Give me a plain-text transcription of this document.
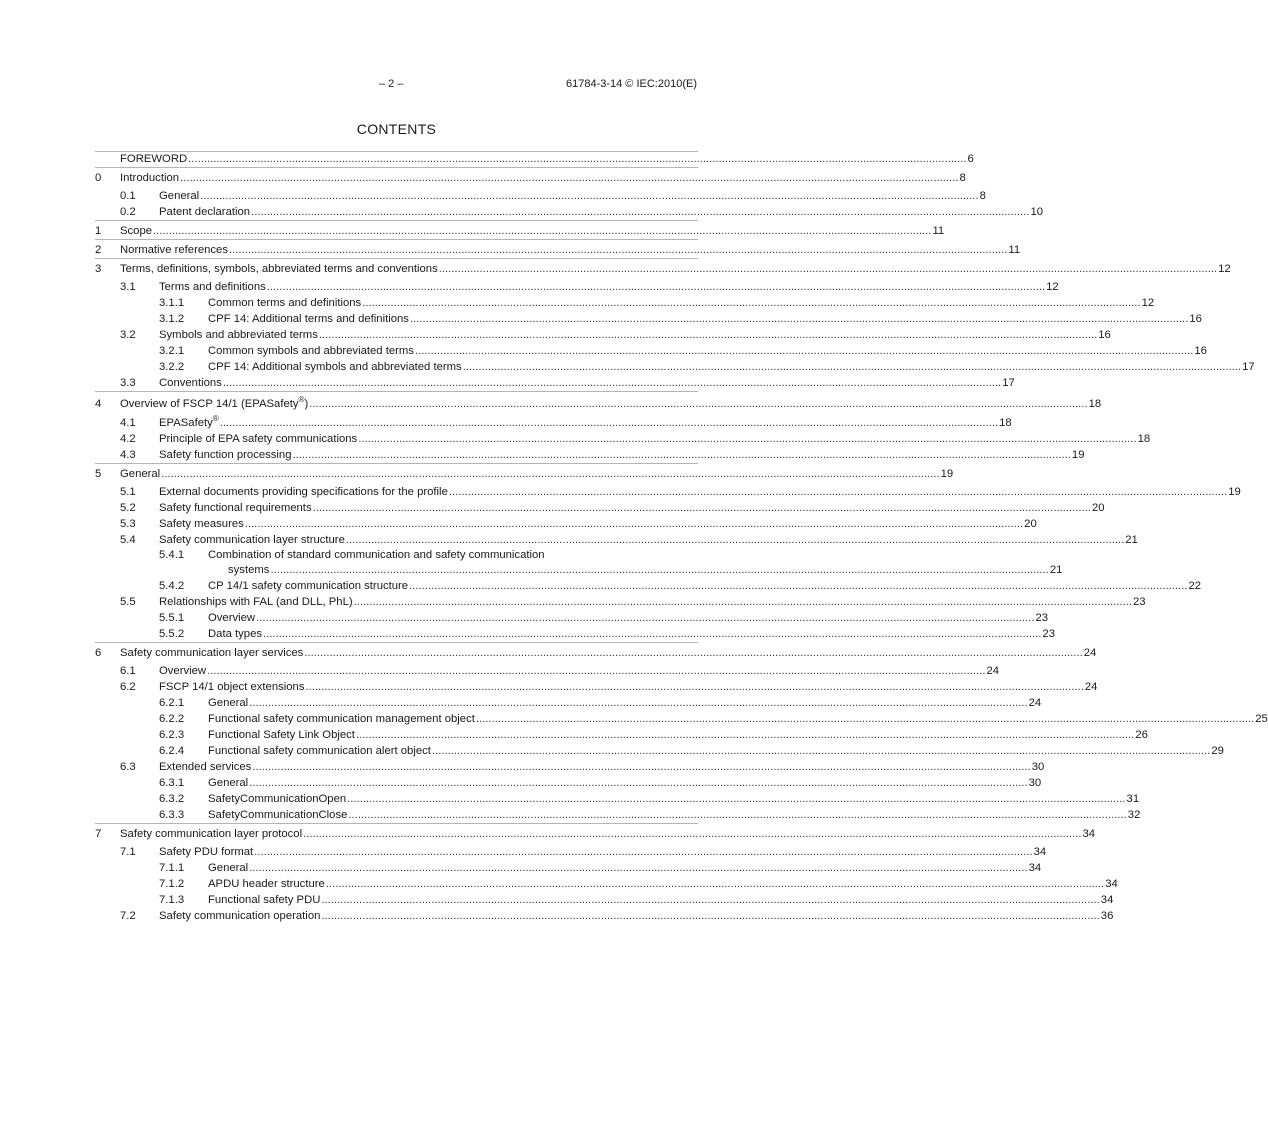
– 2 –	61784-3-14 © IEC:2010(E)
CONTENTS
FOREWORD .....	6
0	Introduction .....	8
0.1	General .....	8
0.2	Patent declaration .....	10
1	Scope .....	11
2	Normative references .....	11
3	Terms, definitions, symbols, abbreviated terms and conventions .....	12
3.1	Terms and definitions .....	12
3.1.1	Common terms and definitions .....	12
3.1.2	CPF 14: Additional terms and definitions .....	16
3.2	Symbols and abbreviated terms .....	16
3.2.1	Common symbols and abbreviated terms .....	16
3.2.2	CPF 14: Additional symbols and abbreviated terms .....	17
3.3	Conventions .....	17
4	Overview of FSCP 14/1 (EPASafety®) .....	18
4.1	EPASafety® .....	18
4.2	Principle of EPA safety communications .....	18
4.3	Safety function processing .....	19
5	General .....	19
5.1	External documents providing specifications for the profile .....	19
5.2	Safety functional requirements .....	20
5.3	Safety measures .....	20
5.4	Safety communication layer structure .....	21
5.4.1	Combination of standard communication and safety communication
systems .....	21
5.4.2	CP 14/1 safety communication structure .....	22
5.5	Relationships with FAL (and DLL, PhL) .....	23
5.5.1	Overview .....	23
5.5.2	Data types .....	23
6	Safety communication layer services .....	24
6.1	Overview .....	24
6.2	FSCP 14/1 object extensions .....	24
6.2.1	General .....	24
6.2.2	Functional safety communication management object .....	25
6.2.3	Functional Safety Link Object .....	26
6.2.4	Functional safety communication alert object .....	29
6.3	Extended services .....	30
6.3.1	General .....	30
6.3.2	SafetyCommunicationOpen .....	31
6.3.3	SafetyCommunicationClose .....	32
7	Safety communication layer protocol .....	34
7.1	Safety PDU format .....	34
7.1.1	General .....	34
7.1.2	APDU header structure .....	34
7.1.3	Functional safety PDU .....	34
7.2	Safety communication operation .....	36
